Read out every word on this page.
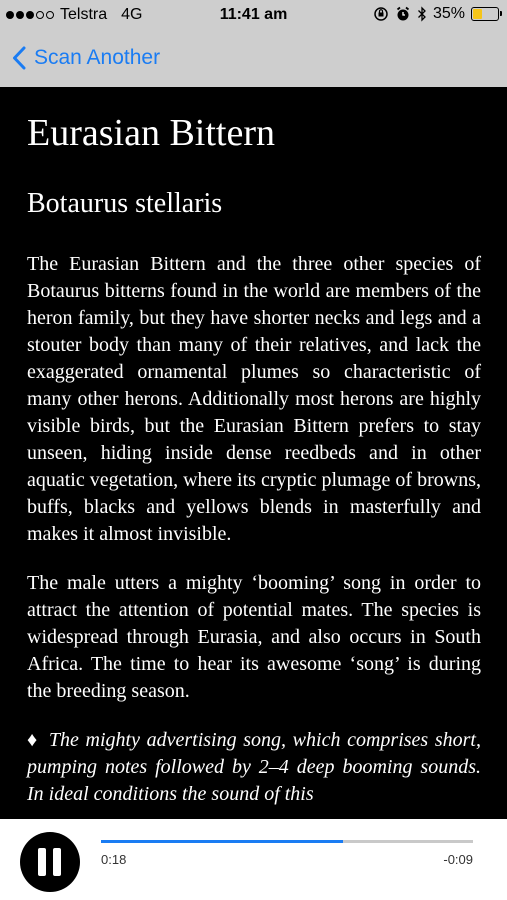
Telstra 4G	11:41 am	35%
Scan Another
Eurasian Bittern
Botaurus stellaris

The Eurasian Bittern and the three other species of Botaurus bitterns found in the world are members of the heron family, but they have shorter necks and legs and a stouter body than many of their relatives, and lack the exaggerated ornamental plumes so characteristic of many other herons. Additionally most herons are highly visible birds, but the Eurasian Bittern prefers to stay unseen, hiding inside dense reedbeds and in other aquatic vegetation, where its cryptic plumage of browns, buffs, blacks and yellows blends in masterfully and makes it almost invisible.

The male utters a mighty ‘booming’ song in order to attract the attention of potential mates. The species is widespread through Eurasia, and also occurs in South Africa. The time to hear its awesome ‘song’ is during the breeding season.

♦ The mighty advertising song, which comprises short, pumping notes followed by 2–4 deep booming sounds. In ideal conditions the sound of this

0:18	-0:09
